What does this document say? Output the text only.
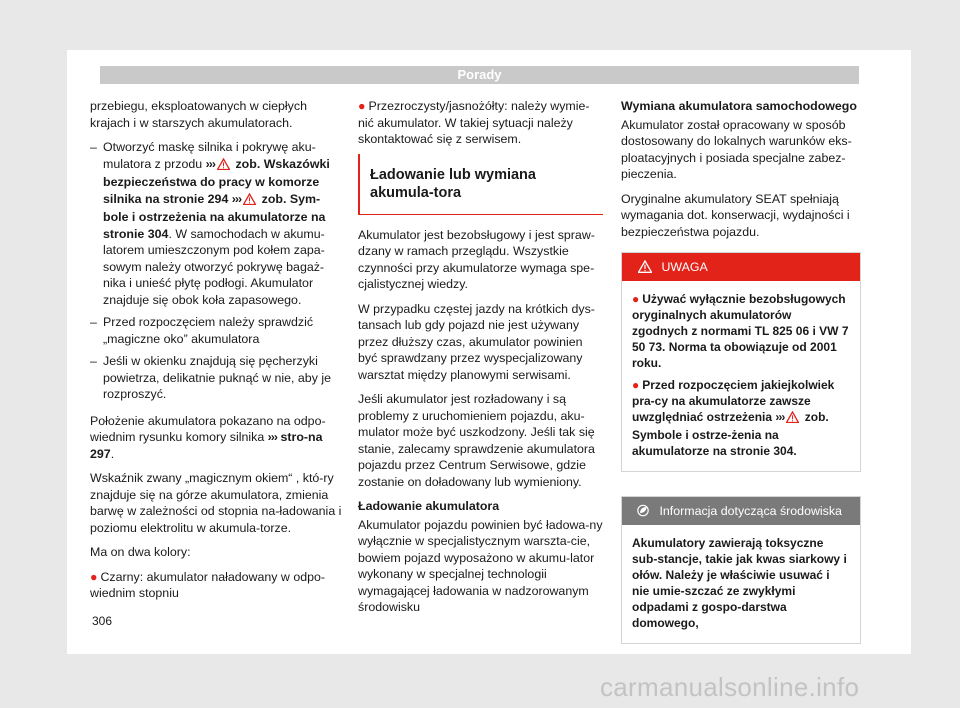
Porady

przebiegu, eksploatowanych w ciepłych krajach i w starszych akumulatorach.

– Otworzyć maskę silnika i pokrywę aku-mulatora z przodu ››› zob. Wskazówki bezpieczeństwa do pracy w komorze silnika na stronie 294 ››› zob. Sym-bole i ostrzeżenia na akumulatorze na stronie 304. W samochodach w akumu-latorem umieszczonym pod kołem zapa-sowym należy otworzyć pokrywę bagaż-nika i unieść płytę podłogi. Akumulator znajduje się obok koła zapasowego.
– Przed rozpoczęciem należy sprawdzić „magiczne oko” akumulatora
– Jeśli w okienku znajdują się pęcherzyki powietrza, delikatnie puknąć w nie, aby je rozproszyć.

Położenie akumulatora pokazano na odpo-wiednim rysunku komory silnika ››› stro-na 297.

Wskaźnik zwany „magicznym okiem“ , któ-ry znajduje się na górze akumulatora, zmienia barwę w zależności od stopnia na-ładowania i poziomu elektrolitu w akumula-torze.

Ma on dwa kolory:

● Czarny: akumulator naładowany w odpo-wiednim stopniu
● Przezroczysty/jasnożółty: należy wymie-nić akumulator. W takiej sytuacji należy skontaktować się z serwisem.
Ładowanie lub wymiana akumula-tora

Akumulator jest bezobsługowy i jest spraw-dzany w ramach przeglądu. Wszystkie czynności przy akumulatorze wymaga spe-cjalistycznej wiedzy.

W przypadku częstej jazdy na krótkich dys-tansach lub gdy pojazd nie jest używany przez dłuższy czas, akumulator powinien być sprawdzany przez wyspecjalizowany warsztat między planowymi serwisami.

Jeśli akumulator jest rozładowany i są problemy z uruchomieniem pojazdu, aku-mulator może być uszkodzony. Jeśli tak się stanie, zalecamy sprawdzenie akumulatora pojazdu przez Centrum Serwisowe, gdzie zostanie on doładowany lub wymieniony.

Ładowanie akumulatora

Akumulator pojazdu powinien być ładowa-ny wyłącznie w specjalistycznym warszta-cie, bowiem pojazd wyposażono w akumu-lator wykonany w specjalnej technologii wymagającej ładowania w nadzorowanym środowisku

Wymiana akumulatora samochodowego

Akumulator został opracowany w sposób dostosowany do lokalnych warunków eks-ploatacyjnych i posiada specjalne zabez-pieczenia.

Oryginalne akumulatory SEAT spełniają wymagania dot. konserwacji, wydajności i bezpieczeństwa pojazdu.

UWAGA

● Używać wyłącznie bezobsługowych oryginalnych akumulatorów zgodnych z normami TL 825 06 i VW 7 50 73. Norma ta obowiązuje od 2001 roku.

● Przed rozpoczęciem jakiejkolwiek pra-cy na akumulatorze zawsze uwzględniać ostrzeżenia ››› zob. Symbole i ostrze-żenia na akumulatorze na stronie 304.

Informacja dotycząca środowiska

Akumulatory zawierają toksyczne sub-stancje, takie jak kwas siarkowy i ołów. Należy je właściwie usuwać i nie umie-szczać ze zwykłymi odpadami z gospo-darstwa domowego,

306
carmanualsonline.info
